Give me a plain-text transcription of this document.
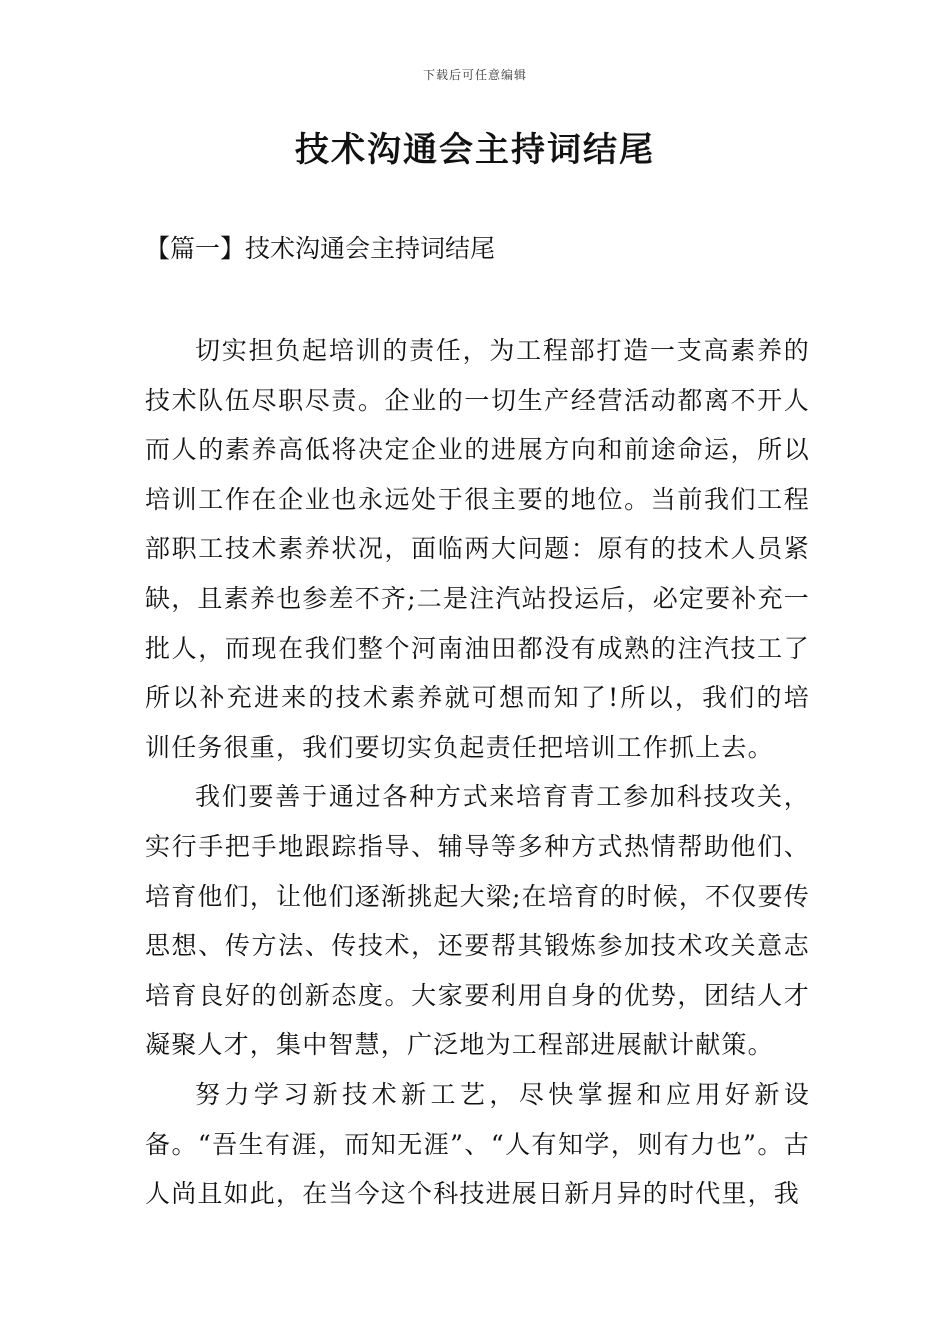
下载后可任意编辑
技术沟通会主持词结尾
【篇一】技术沟通会主持词结尾

切实担负起培训的责任，为工程部打造一支高素养的技术队伍尽职尽责。企业的一切生产经营活动都离不开人而人的素养高低将决定企业的进展方向和前途命运，所以培训工作在企业也永远处于很主要的地位。当前我们工程部职工技术素养状况，面临两大问题：原有的技术人员紧缺，且素养也参差不齐;二是注汽站投运后，必定要补充一批人，而现在我们整个河南油田都没有成熟的注汽技工了所以补充进来的技术素养就可想而知了!所以，我们的培训任务很重，我们要切实负起责任把培训工作抓上去。

我们要善于通过各种方式来培育青工参加科技攻关，实行手把手地跟踪指导、辅导等多种方式热情帮助他们、培育他们，让他们逐渐挑起大梁;在培育的时候，不仅要传思想、传方法、传技术，还要帮其锻炼参加技术攻关意志培育良好的创新态度。大家要利用自身的优势，团结人才凝聚人才，集中智慧，广泛地为工程部进展献计献策。

努力学习新技术新工艺，尽快掌握和应用好新设备。“吾生有涯，而知无涯”、“人有知学，则有力也”。古人尚且如此，在当今这个科技进展日新月异的时代里，我
